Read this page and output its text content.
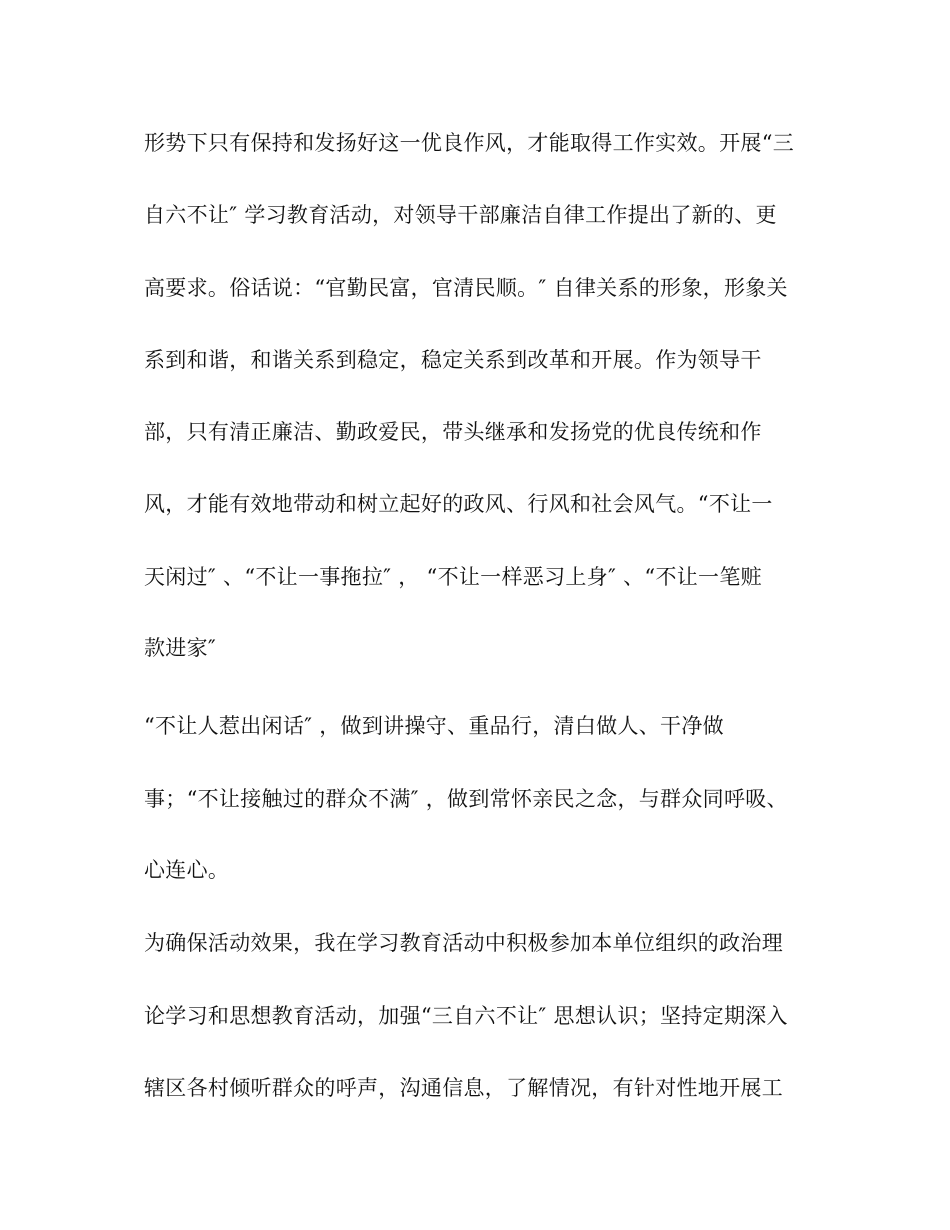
形势下只有保持和发扬好这一优良作风，才能取得工作实效。开展“三
自六不让″ 学习教育活动，对领导干部廉洁自律工作提出了新的、更
高要求。俗话说：“官勤民富，官清民顺。″ 自律关系的形象，形象关
系到和谐，和谐关系到稳定，稳定关系到改革和开展。作为领导干
部，只有清正廉洁、勤政爱民，带头继承和发扬党的优良传统和作
风，才能有效地带动和树立起好的政风、行风和社会风气。“不让一
天闲过″ 、“不让一事拖拉″ ， “不让一样恶习上身″ 、“不让一笔赃
款进家″
“不让人惹出闲话″ ，做到讲操守、重品行，清白做人、干净做
事；“不让接触过的群众不满″ ，做到常怀亲民之念，与群众同呼吸、
心连心。
为确保活动效果，我在学习教育活动中积极参加本单位组织的政治理
论学习和思想教育活动，加强“三自六不让″ 思想认识；坚持定期深入
辖区各村倾听群众的呼声，沟通信息，了解情况，有针对性地开展工
